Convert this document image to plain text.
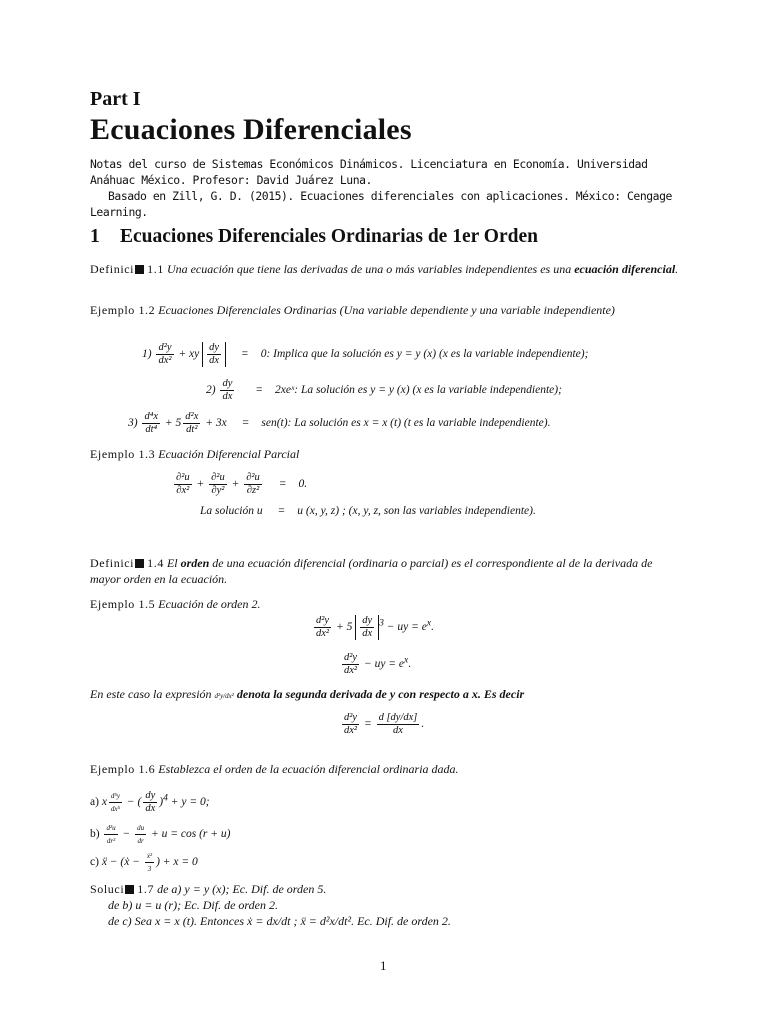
Part I
Ecuaciones Diferenciales

Notas del curso de Sistemas Económicos Dinámicos. Licenciatura en Economía. Universidad Anáhuac México. Profesor: David Juárez Luna.

Basado en Zill, G. D. (2015). Ecuaciones diferenciales con aplicaciones. México: Cengage Learning.

1 Ecuaciones Diferenciales Ordinarias de 1er Orden
Definici 1.1 Una ecuación que tiene las derivadas de una o más variables independientes es una ecuación diferencial.
Ejemplo 1.2 Ecuaciones Diferenciales Ordinarias (Una variable dependiente y una variable independiente)
$1) \frac{\text{d²y}}{\text{dx²}}$ + xy $\frac{dy}{dx} = 0$: Implica que la solución es y = y (x) (x es la variable independiente);
$2) \frac{dy}{dx}$ = 2xeˣ: La solución es y = y (x) (x es la variable independiente);
$3) \frac{\text{d⁴x}}{\text{dt⁴}} + 5 \frac{\text{d²x}}{\text{dt²}} + 3x = sen(t)$: La solución es x = x (t) (t es la variable independiente).
Ejemplo 1.3 Ecuación Diferencial Parcial
$\frac{\text{∂²u}}{\text{∂x²}} + \frac{\text{∂²u}}{\text{∂y²}} + \frac{\text{∂²u}}{\text{∂z²}} = 0$.
La solución u = u (x, y, z) ; (x, y, z, son las variables independiente).
Definici 1.4 El orden de una ecuación diferencial (ordinaria o parcial) es el correspondiente al de la derivada de mayor orden en la ecuación.
Ejemplo 1.5 Ecuación de orden 2.
$\frac{\text{d²y}}{\text{dx²}} + 5 \frac{dy}{dx} ^3$ − uy = $e^x$.
$\frac{\text{d²y}}{\text{dx²}}$ − uy = $e^x$.
En este caso la expresión d²y/dx² denota la segunda derivada de y con respecto a x. Es decir
$\frac{\text{d²y}}{\text{dx²}} = \frac{d [dy/dx]}{dx}$ .
Ejemplo 1.6 Establezca el orden de la ecuación diferencial ordinaria dada.
a) x $\frac{\text{d⁵y}}{\text{dx⁵}}$ − ( $\frac{dy}{dx} )^4 + y = 0$;
$b) \frac{\text{d²u}}{\text{dr²}} - \frac{du}{dr} + u = \cos (r + u)$
c) ẍ − (ẋ − $\frac{\text{ẋ²}}{3}$ ) + x = 0
Soluci 1.7 de a) y = y (x); Ec. Dif. de orden 5.
de b) u = u (r); Ec. Dif. de orden 2.
de c) Sea x = x (t). Entonces ẋ = dx/dt ; ẍ = d²x/dt². Ec. Dif. de orden 2.
1
